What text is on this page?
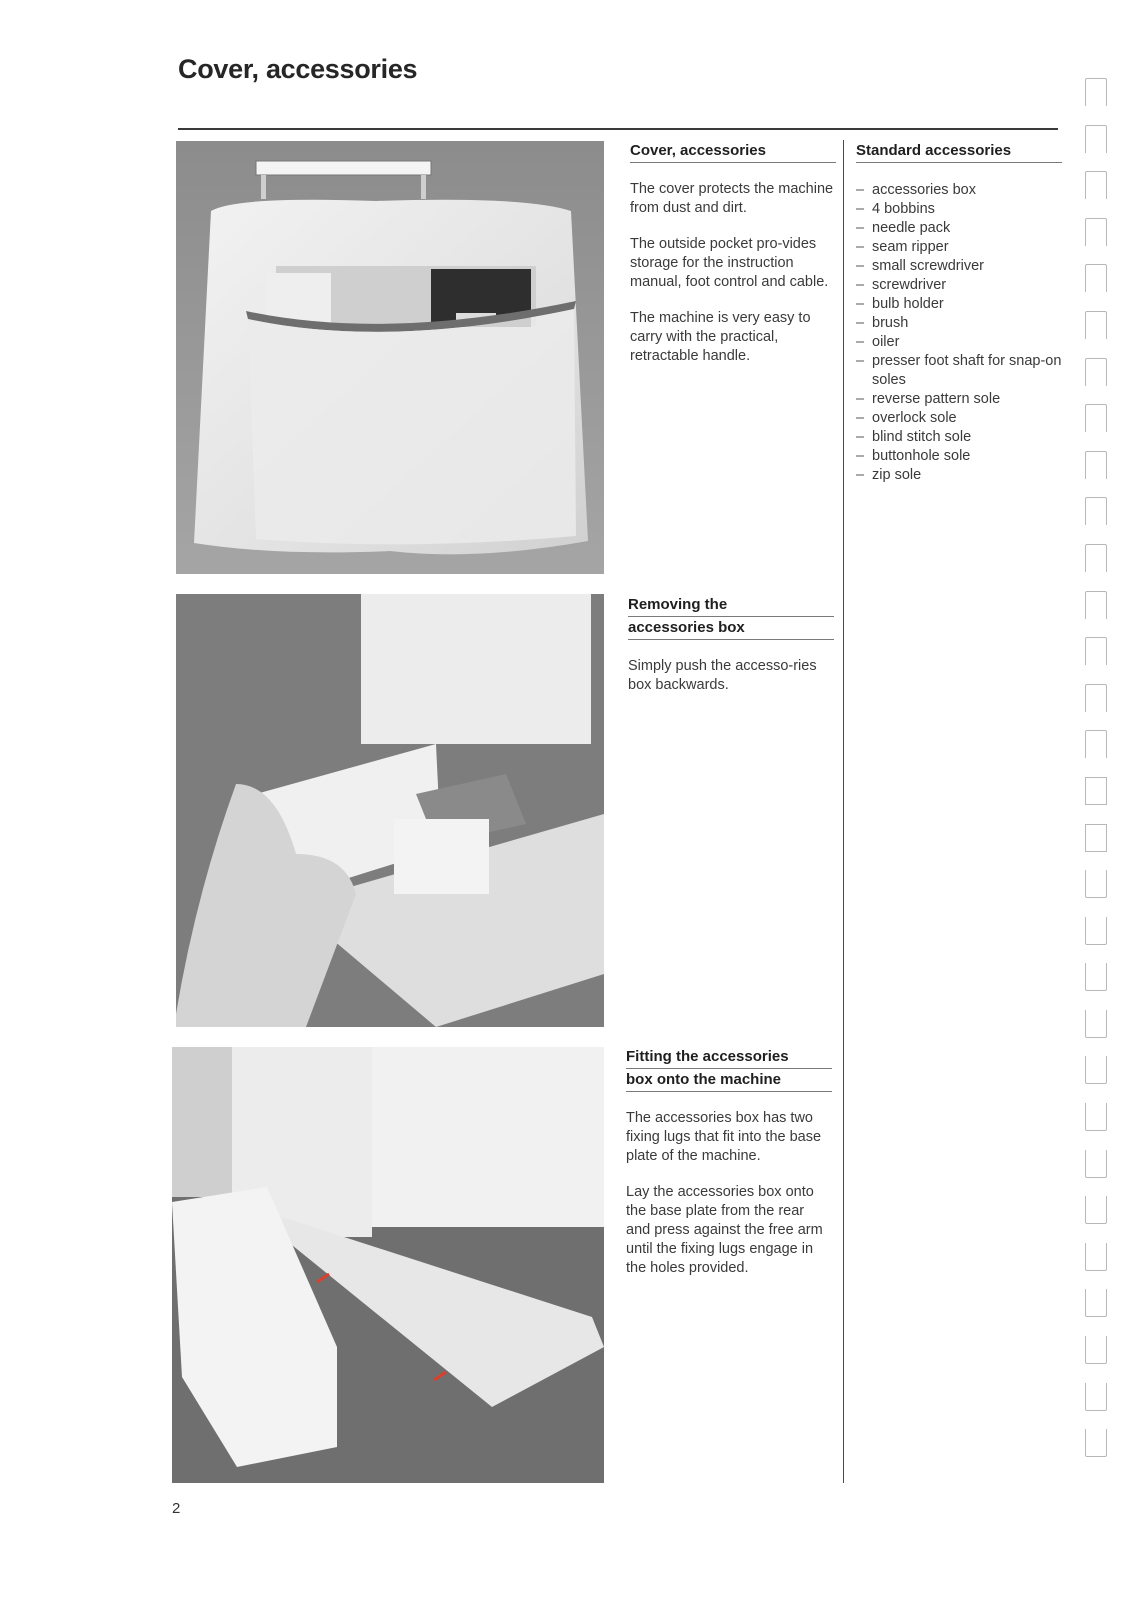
Cover, accessories
Cover, accessories

The cover protects the machine from dust and dirt.

The outside pocket pro-vides storage for the instruction manual, foot control and cable.

The machine is very easy to carry with the practical, retractable handle.

Removing the
accessories box

Simply push the accesso-ries box backwards.

Fitting the accessories
box onto the machine

The accessories box has two fixing lugs that fit into the base plate of the machine.

Lay the accessories box onto the base plate from the rear and press against the free arm until the fixing lugs engage in the holes provided.

Standard accessories
– accessories box
– 4 bobbins
– needle pack
– seam ripper
– small screwdriver
– screwdriver
– bulb holder
– brush
– oiler
– presser foot shaft for snap-on soles
– reverse pattern sole
– overlock sole
– blind stitch sole
– buttonhole sole
– zip sole
2
